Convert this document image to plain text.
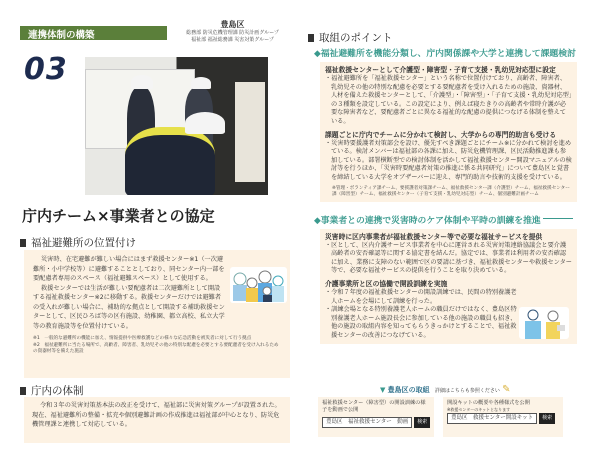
連携体制の構築
豊島区
総務部 防災危機管理課 防災計画グループ
福祉部 福祉総務課 災害対策グループ
03
庁内チーム×事業者との協定
福祉避難所の位置付け
災害時、在宅避難が難しい場合にはまず救援センター※1（一次避難所・小中学校等）に避難することとしており、同センター内一部を要配慮者専用のスペース（福祉避難スペース）として使用する。
救援センターでは生活が難しい要配慮者は二次避難所として開設する福祉救援センター※2に移動する。救援センターだけでは避難者の受入れが難しい場合に、補助的な拠点として開設する補助救援センターとして、区民ひろば等の区有施設、幼稚園、都立高校、私立大学等の教育施設等を位置付けている。
※1　一般的な避難所の機能に加え、情報提供や医療救護などの様々な応急活動を被災者に対して行う拠点
※2　福祉避難所に当たる場所で、高齢者、障害者、乳幼児その他の特別な配慮を必要とする要配慮者を受け入れるための資器材等を備えた施設
庁内の体制
令和３年の災害対策基本法の改正を受けて、福祉部に災害対策グループが設置された。現在、福祉避難所の整備・拡充や個別避難計画の作成推進は福祉部が中心となり、防災危機管理課と連携して対応している。
取組のポイント
◆福祉避難所を機能分類し、庁内関係課や大学と連携して課題検討
福祉救援センターとして介護型・障害型・子育て支援・乳幼児対応型に設定
・福祉避難所を「福祉救援センター」という名称で位置付けており、高齢者、障害者、乳幼児その他の特別な配慮を必要とする要配慮者を受け入れるための施設、資器材、人材を備えた救援センターとして、「介護型」・「障害型」・「子育て支援・乳幼児対応型」の３種類を設定している。この設定により、例えば寝たきりの高齢者や常時介護が必要な障害者など、要配慮者ごとに異なる福祉的な配慮の提供につなげる体制を整えている。
課題ごとに庁内でチームに分かれて検討し、大学からの専門的助言も受ける
・災害時要援護者対策部会を設け、優先すべき課題ごとにチーム※に分かれて検討を進めている。検討メンバーは福祉部の各課に加え、防災危機管理課、区民活動推進課も参加している。部署横断型での検討体制を活かして福祉救援センター開設マニュアルの検討等を行うほか、「災害時要配慮者対策の推進に係る共同研究」について豊島区と覚書を締結している大学をオブザーバーに迎え、専門的助言や技術的支援を受けている。
※管理・ボランティア課チーム、要援護者対策課チーム、福祉救援センター課（介護型）チーム、福祉救援センター課（障害型）チーム、福祉救援センター（子育て支援・乳幼児対応型）チーム、個別避難計画チーム
◆事業者との連携で災害時のケア体制や平時の訓練を推進
災害時に区内事業者が福祉救援センター等で必要な福祉サービスを提供
・区として、区内介護サービス事業者を中心に運営される災害対策連絡協議会と要介護高齢者の安否確認等に関する協定書を結んだ。協定では、事業者は利用者の安否確認に加え、業務に支障のない範囲で区の要請に基づき、福祉救援センターや救援センター等で、必要な福祉サービスの提供を行うことを取り決めている。
介護事業所と区の協働で開設訓練を実施
・令和７年度の福祉救援センターの開設訓練では、民間の特別養護老人ホームを会場にして訓練を行った。
・訓練会場となる特別養護老人ホームの職員だけではなく、豊島区特別養護老人ホーム施設長会に参加している他の施設の職員も招き、他の施設の取組内容を知ってもらうきっかけとすることで、福祉救援センターの改善につなげている。
▼ 豊島区の取組 詳細はこちらも参照ください ✎
福祉救援センター（障害型）の開設訓練の様子を動画で公開
豊島区　福祉救援センター　動画 検索
開設キットの概要や各種様式を公開
※救援センターのキットとなります
豊島区　救援センター開設キット 検索
